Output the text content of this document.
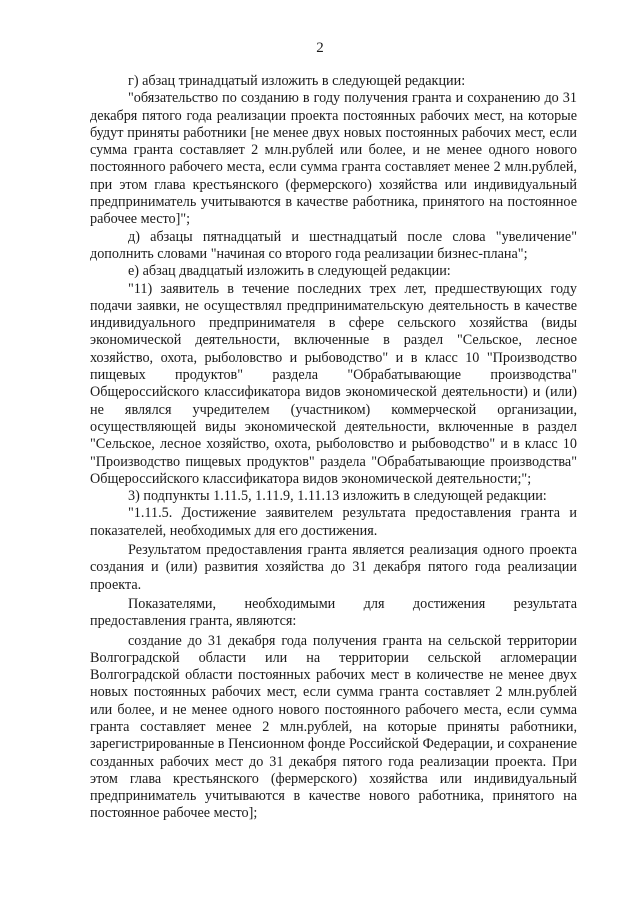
2

г) абзац тринадцатый изложить в следующей редакции:

"обязательство по созданию в году получения гранта и сохранению до 31 декабря пятого года реализации проекта постоянных рабочих мест, на которые будут приняты работники [не менее двух новых постоянных рабочих мест, если сумма гранта составляет 2 млн.рублей или более, и не менее одного нового постоянного рабочего места, если сумма гранта составляет менее 2 млн.рублей, при этом глава крестьянского (фермерского) хозяйства или индивидуальный предприниматель учитываются в качестве работника, принятого на постоянное рабочее место]";

д) абзацы пятнадцатый и шестнадцатый после слова "увеличение" дополнить словами "начиная со второго года реализации бизнес-плана";

е) абзац двадцатый изложить в следующей редакции:

"11) заявитель в течение последних трех лет, предшествующих году подачи заявки, не осуществлял предпринимательскую деятельность в качестве индивидуального предпринимателя в сфере сельского хозяйства (виды экономической деятельности, включенные в раздел "Сельское, лесное хозяйство, охота, рыболовство и рыбоводство" и в класс 10 "Производство пищевых продуктов" раздела "Обрабатывающие производства" Общероссийского классификатора видов экономической деятельности) и (или) не являлся учредителем (участником) коммерческой организации, осуществляющей виды экономической деятельности, включенные в раздел "Сельское, лесное хозяйство, охота, рыболовство и рыбоводство" и в класс 10 "Производство пищевых продуктов" раздела "Обрабатывающие производства" Общероссийского классификатора видов экономической деятельности;";

3) подпункты 1.11.5, 1.11.9, 1.11.13 изложить в следующей редакции:

"1.11.5. Достижение заявителем результата предоставления гранта и показателей, необходимых для его достижения.

Результатом предоставления гранта является реализация одного проекта создания и (или) развития хозяйства до 31 декабря пятого года реализации проекта.

Показателями, необходимыми для достижения результата предоставления гранта, являются:

создание до 31 декабря года получения гранта на сельской территории Волгоградской области или на территории сельской агломерации Волгоградской области постоянных рабочих мест в количестве не менее двух новых постоянных рабочих мест, если сумма гранта составляет 2 млн.рублей или более, и не менее одного нового постоянного рабочего места, если сумма гранта составляет менее 2 млн.рублей, на которые приняты работники, зарегистрированные в Пенсионном фонде Российской Федерации, и сохранение созданных рабочих мест до 31 декабря пятого года реализации проекта. При этом глава крестьянского (фермерского) хозяйства или индивидуальный предприниматель учитываются в качестве нового работника, принятого на постоянное рабочее место];
